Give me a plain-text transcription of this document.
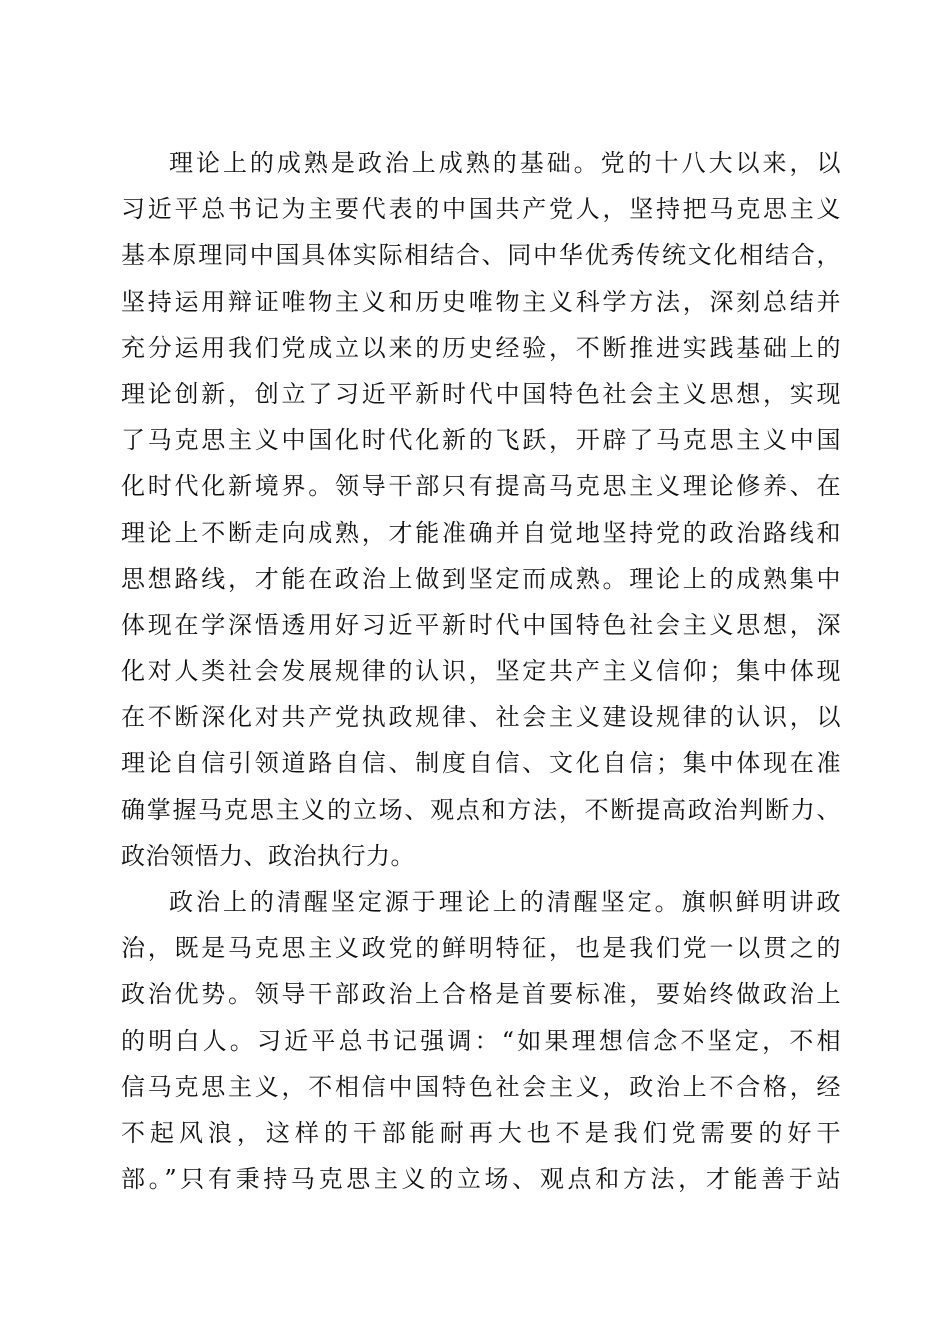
理论上的成熟是政治上成熟的基础。党的十八大以来，以
习近平总书记为主要代表的中国共产党人，坚持把马克思主义
基本原理同中国具体实际相结合、同中华优秀传统文化相结合，
坚持运用辩证唯物主义和历史唯物主义科学方法，深刻总结并
充分运用我们党成立以来的历史经验，不断推进实践基础上的
理论创新，创立了习近平新时代中国特色社会主义思想，实现
了马克思主义中国化时代化新的飞跃，开辟了马克思主义中国
化时代化新境界。领导干部只有提高马克思主义理论修养、在
理论上不断走向成熟，才能准确并自觉地坚持党的政治路线和
思想路线，才能在政治上做到坚定而成熟。理论上的成熟集中
体现在学深悟透用好习近平新时代中国特色社会主义思想，深
化对人类社会发展规律的认识，坚定共产主义信仰；集中体现
在不断深化对共产党执政规律、社会主义建设规律的认识，以
理论自信引领道路自信、制度自信、文化自信；集中体现在准
确掌握马克思主义的立场、观点和方法，不断提高政治判断力、
政治领悟力、政治执行力。
政治上的清醒坚定源于理论上的清醒坚定。旗帜鲜明讲政
治，既是马克思主义政党的鲜明特征，也是我们党一以贯之的
政治优势。领导干部政治上合格是首要标准，要始终做政治上
的明白人。习近平总书记强调：“如果理想信念不坚定，不相
信马克思主义，不相信中国特色社会主义，政治上不合格，经
不起风浪，这样的干部能耐再大也不是我们党需要的好干
部。”只有秉持马克思主义的立场、观点和方法，才能善于站
